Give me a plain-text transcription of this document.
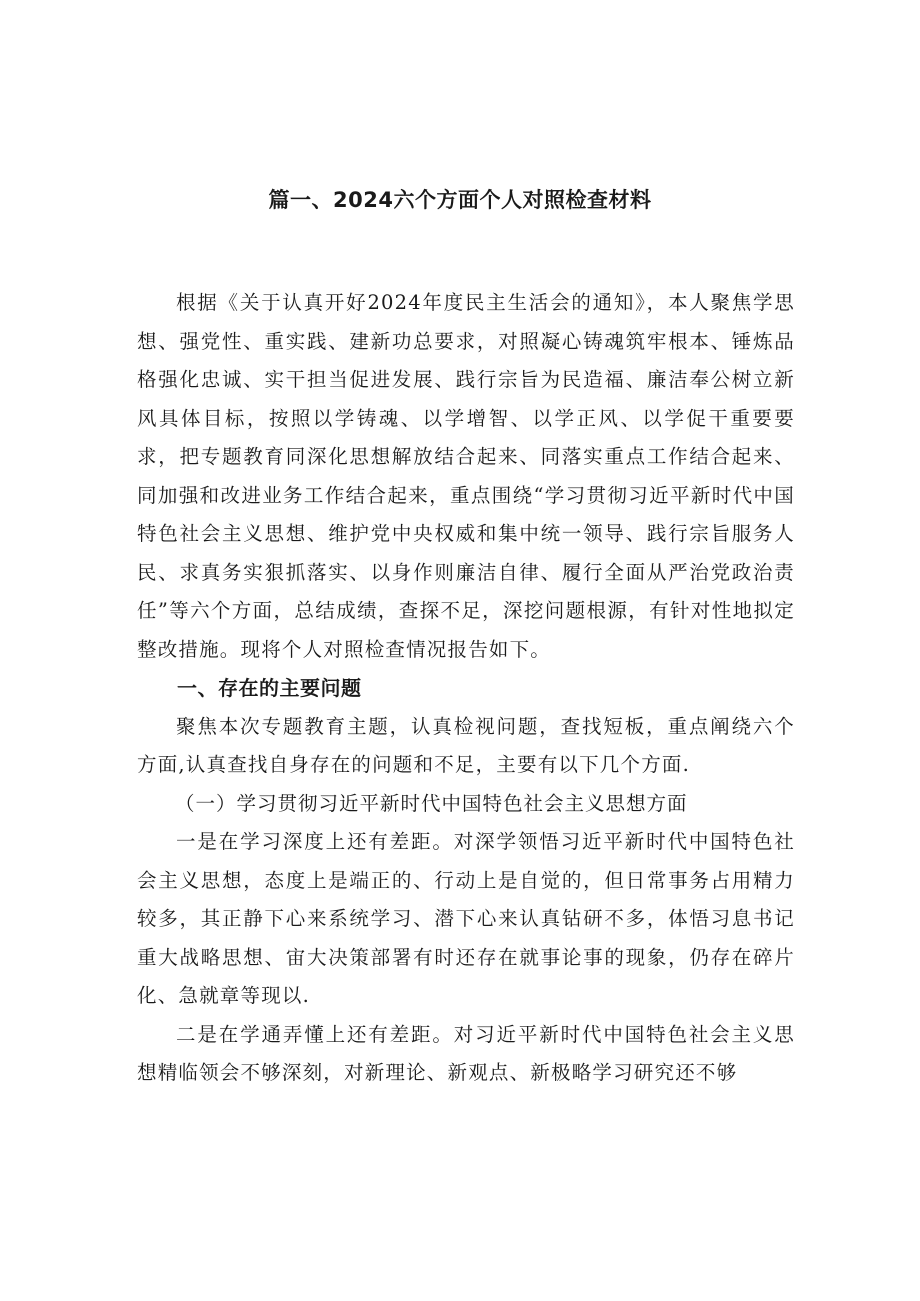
篇一、2024六个方面个人对照检查材料

根据《关于认真开好2024年度民主生活会的通知》，本人聚焦学思想、强党性、重实践、建新功总要求，对照凝心铸魂筑牢根本、锤炼品格强化忠诚、实干担当促进发展、践行宗旨为民造福、廉洁奉公树立新风具体目标，按照以学铸魂、以学增智、以学正风、以学促干重要要求，把专题教育同深化思想解放结合起来、同落实重点工作结合起来、同加强和改进业务工作结合起来，重点围绕“学习贯彻习近平新时代中国特色社会主义思想、维护党中央权威和集中统一领导、践行宗旨服务人民、求真务实狠抓落实、以身作则廉洁自律、履行全面从严治党政治责任”等六个方面，总结成绩，查探不足，深挖问题根源，有针对性地拟定整改措施。现将个人对照检查情况报告如下。

一、存在的主要问题

聚焦本次专题教育主题，认真检视问题，查找短板，重点阐绕六个方面,认真查找自身存在的问题和不足，主要有以下几个方面.

（一）学习贯彻习近平新时代中国特色社会主义思想方面

一是在学习深度上还有差距。对深学领悟习近平新时代中国特色社会主义思想，态度上是端正的、行动上是自觉的，但日常事务占用精力较多，其正静下心来系统学习、潜下心来认真钻研不多，体悟习息书记重大战略思想、宙大决策部署有时还存在就事论事的现象，仍存在碎片化、急就章等现以.

二是在学通弄懂上还有差距。对习近平新时代中国特色社会主义思想精临领会不够深刻，对新理论、新观点、新极略学习研究还不够
